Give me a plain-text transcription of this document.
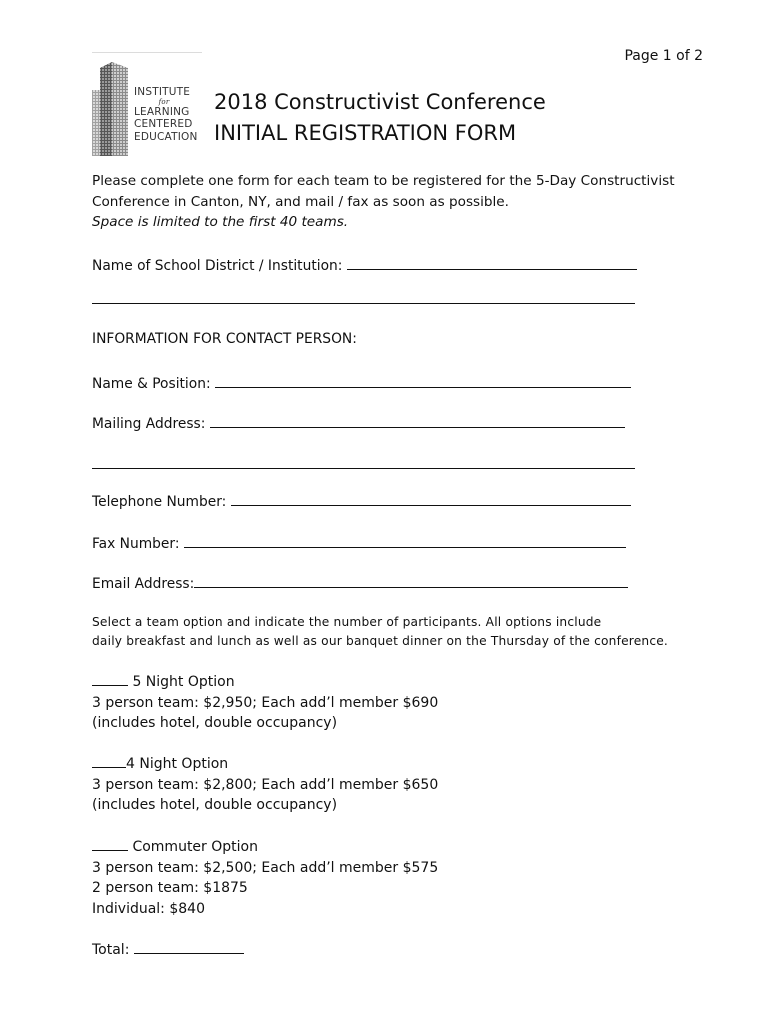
Page 1 of 2
INSTITUTE
for
LEARNING
CENTERED
EDUCATION
2018 Constructivist Conference
INITIAL REGISTRATION FORM
Please complete one form for each team to be registered for the 5-Day Constructivist
Conference in Canton, NY, and mail / fax as soon as possible.
Space is limited to the first 40 teams.
Name of School District / Institution:
INFORMATION FOR CONTACT PERSON:
Name & Position:
Mailing Address:
Telephone Number:
Fax Number:
Email Address:
Select a team option and indicate the number of participants. All options include
daily breakfast and lunch as well as our banquet dinner on the Thursday of the conference.
5 Night Option
3 person team: $2,950; Each add’l member $690
(includes hotel, double occupancy)
4 Night Option
3 person team: $2,800; Each add’l member $650
(includes hotel, double occupancy)
Commuter Option
3 person team: $2,500; Each add’l member $575
2 person team: $1875
Individual: $840
Total:
